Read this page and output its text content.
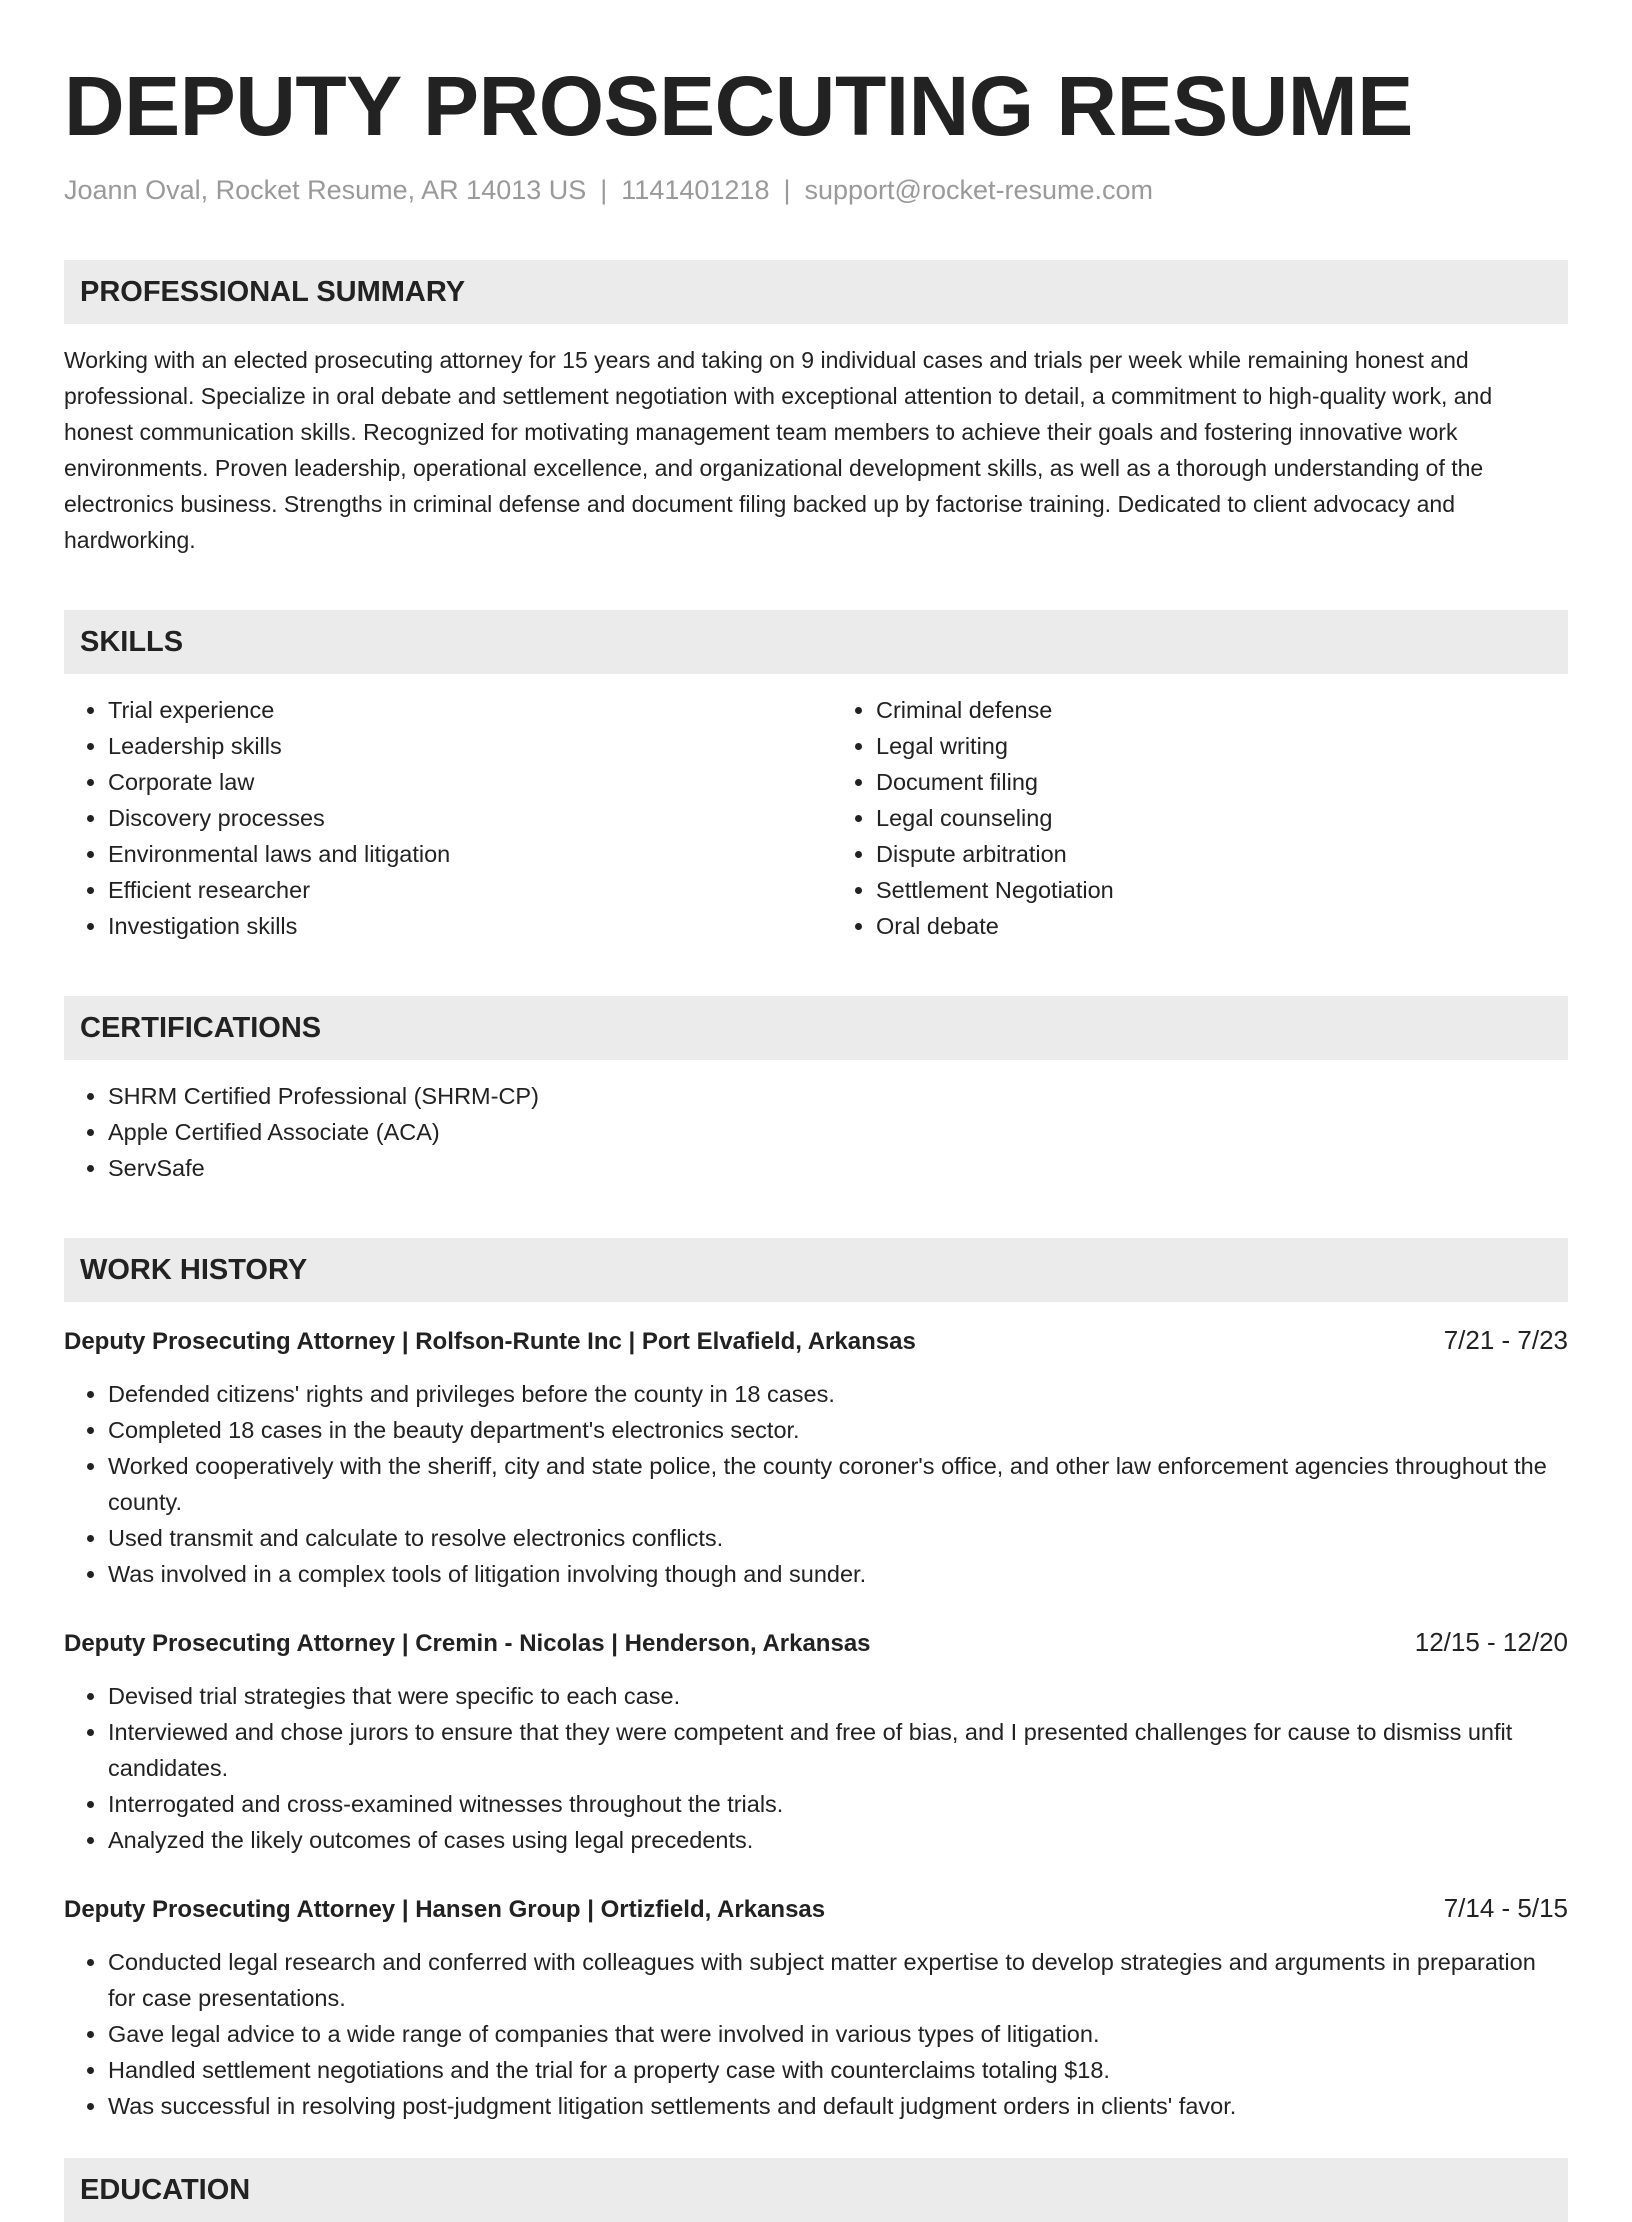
DEPUTY PROSECUTING RESUME
Joann Oval, Rocket Resume, AR 14013 US | 1141401218 | support@rocket-resume.com
PROFESSIONAL SUMMARY

Working with an elected prosecuting attorney for 15 years and taking on 9 individual cases and trials per week while remaining honest and professional. Specialize in oral debate and settlement negotiation with exceptional attention to detail, a commitment to high-quality work, and honest communication skills. Recognized for motivating management team members to achieve their goals and fostering innovative work environments. Proven leadership, operational excellence, and organizational development skills, as well as a thorough understanding of the electronics business. Strengths in criminal defense and document filing backed up by factorise training. Dedicated to client advocacy and hardworking.

SKILLS
• Trial experience
• Leadership skills
• Corporate law
• Discovery processes
• Environmental laws and litigation
• Efficient researcher
• Investigation skills
• Criminal defense
• Legal writing
• Document filing
• Legal counseling
• Dispute arbitration
• Settlement Negotiation
• Oral debate
CERTIFICATIONS
• SHRM Certified Professional (SHRM-CP)
• Apple Certified Associate (ACA)
• ServSafe
WORK HISTORY
Deputy Prosecuting Attorney | Rolfson-Runte Inc | Port Elvafield, Arkansas	7/21 - 7/23
• Defended citizens' rights and privileges before the county in 18 cases.
• Completed 18 cases in the beauty department's electronics sector.
• Worked cooperatively with the sheriff, city and state police, the county coroner's office, and other law enforcement agencies throughout the county.
• Used transmit and calculate to resolve electronics conflicts.
• Was involved in a complex tools of litigation involving though and sunder.
Deputy Prosecuting Attorney | Cremin - Nicolas | Henderson, Arkansas	12/15 - 12/20
• Devised trial strategies that were specific to each case.
• Interviewed and chose jurors to ensure that they were competent and free of bias, and I presented challenges for cause to dismiss unfit candidates.
• Interrogated and cross-examined witnesses throughout the trials.
• Analyzed the likely outcomes of cases using legal precedents.
Deputy Prosecuting Attorney | Hansen Group | Ortizfield, Arkansas	7/14 - 5/15
• Conducted legal research and conferred with colleagues with subject matter expertise to develop strategies and arguments in preparation for case presentations.
• Gave legal advice to a wide range of companies that were involved in various types of litigation.
• Handled settlement negotiations and the trial for a property case with counterclaims totaling $18.
• Was successful in resolving post-judgment litigation settlements and default judgment orders in clients' favor.
EDUCATION
